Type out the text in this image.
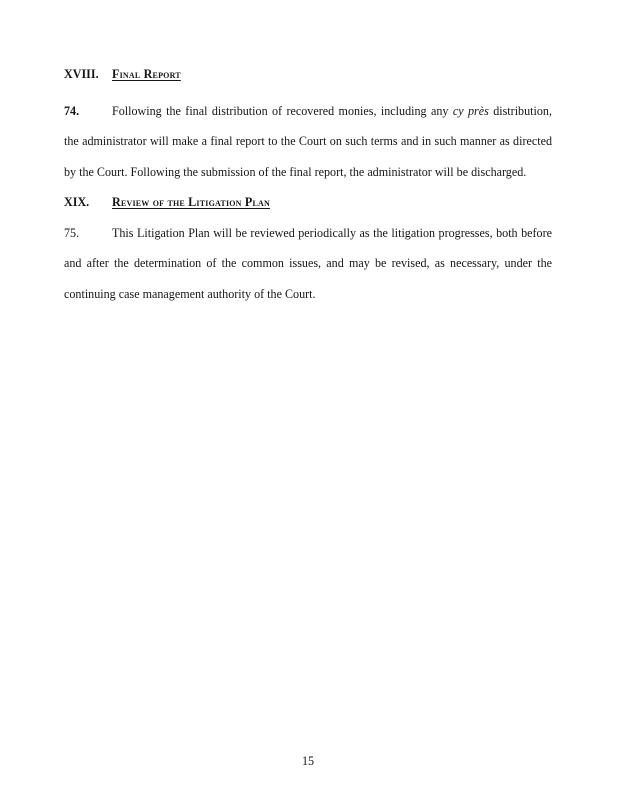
XVIII. Final Report
74.	Following the final distribution of recovered monies, including any cy près distribution,
the administrator will make a final report to the Court on such terms and in such manner as directed
by the Court. Following the submission of the final report, the administrator will be discharged.
XIX. Review of the Litigation Plan
75.	This Litigation Plan will be reviewed periodically as the litigation progresses, both before
and after the determination of the common issues, and may be revised, as necessary, under the
continuing case management authority of the Court.
15
